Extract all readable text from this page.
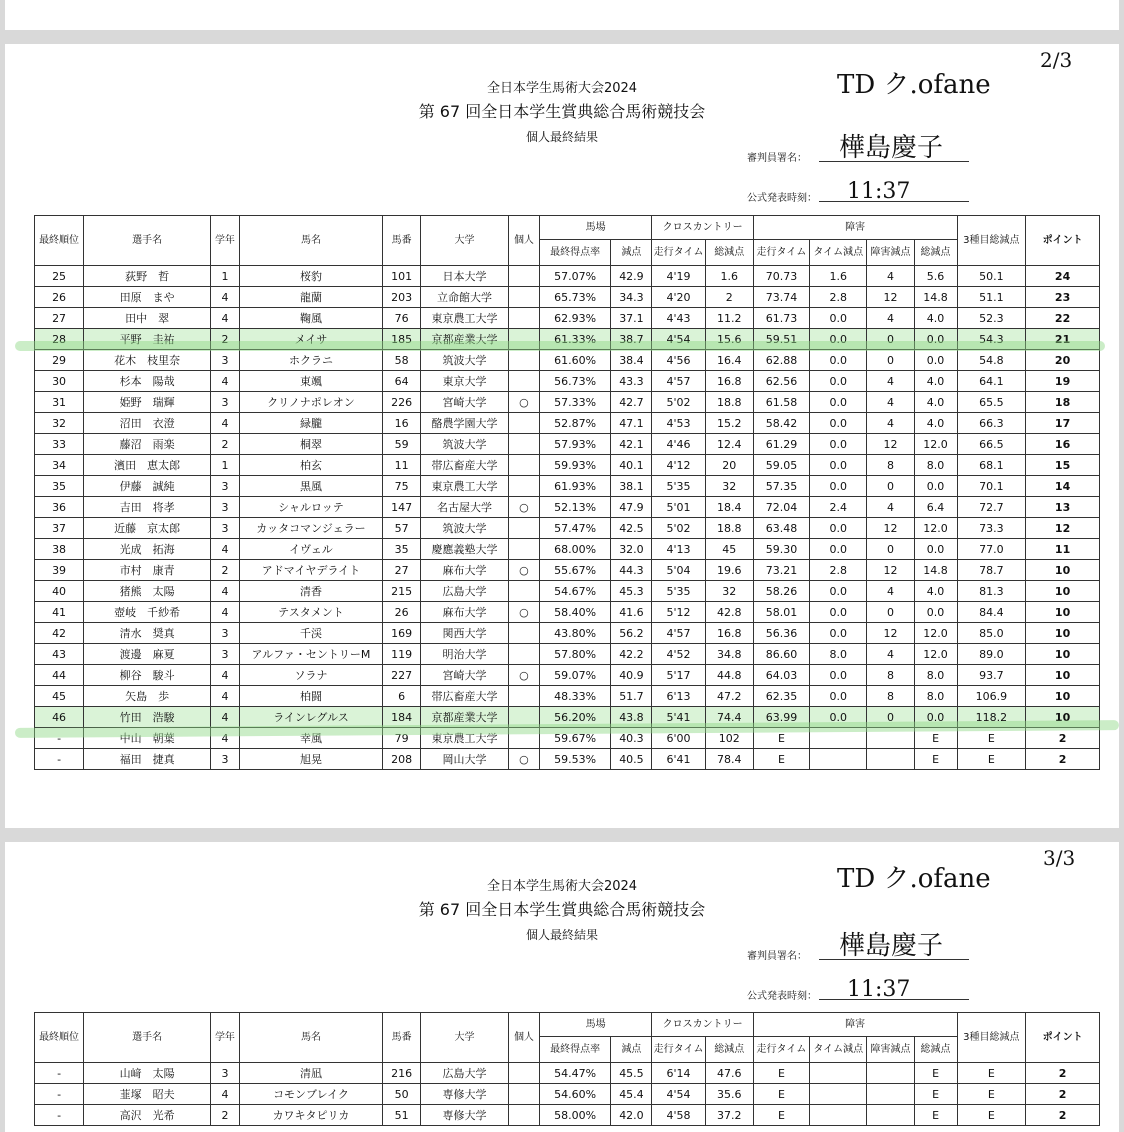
全日本学生馬術大会2024
第 67 回全日本学生賞典総合馬術競技会
個人最終結果
TD ク.ofane
2/3
審判員署名： 樺島慶子
公式発表時刻： 11:37
最終順位	選手名	学年	馬名	馬番	大学	個人	馬場		クロスカントリー		障害				3種目総減点	ポイント
							最終得点率	減点	走行タイム	総減点	走行タイム	タイム減点	障害減点	総減点		
25	荻野　哲	1	桜豹	101	日本大学		57.07%	42.9	4'19	1.6	70.73	1.6	4	5.6	50.1	24
26	田原　まや	4	龍蘭	203	立命館大学		65.73%	34.3	4'20	2	73.74	2.8	12	14.8	51.1	23
27	田中　翠	4	鞠風	76	東京農工大学		62.93%	37.1	4'43	11.2	61.73	0.0	4	4.0	52.3	22
28	平野　圭祐	2	メイサ	185	京都産業大学		61.33%	38.7	4'54	15.6	59.51	0.0	0	0.0	54.3	21
29	花木　枝里奈	3	ホクラニ	58	筑波大学		61.60%	38.4	4'56	16.4	62.88	0.0	0	0.0	54.8	20
30	杉本　陽哉	4	東颯	64	東京大学		56.73%	43.3	4'57	16.8	62.56	0.0	4	4.0	64.1	19
31	姫野　瑞輝	3	クリノナポレオン	226	宮崎大学	○	57.33%	42.7	5'02	18.8	61.58	0.0	4	4.0	65.5	18
32	沼田　衣澄	4	緑朧	16	酪農学園大学		52.87%	47.1	4'53	15.2	58.42	0.0	4	4.0	66.3	17
33	藤沼　雨楽	2	桐翠	59	筑波大学		57.93%	42.1	4'46	12.4	61.29	0.0	12	12.0	66.5	16
34	濱田　恵太郎	1	柏玄	11	帯広畜産大学		59.93%	40.1	4'12	20	59.05	0.0	8	8.0	68.1	15
35	伊藤　誠純	3	黒風	75	東京農工大学		61.93%	38.1	5'35	32	57.35	0.0	0	0.0	70.1	14
36	吉田　将孝	3	シャルロッテ	147	名古屋大学	○	52.13%	47.9	5'01	18.4	72.04	2.4	4	6.4	72.7	13
37	近藤　京太郎	3	カッタコマンジェラー	57	筑波大学		57.47%	42.5	5'02	18.8	63.48	0.0	12	12.0	73.3	12
38	光成　拓海	4	イヴェル	35	慶應義塾大学		68.00%	32.0	4'13	45	59.30	0.0	0	0.0	77.0	11
39	市村　康青	2	アドマイヤデライト	27	麻布大学	○	55.67%	44.3	5'04	19.6	73.21	2.8	12	14.8	78.7	10
40	猪熊　太陽	4	清香	215	広島大学		54.67%	45.3	5'35	32	58.26	0.0	4	4.0	81.3	10
41	壺岐　千紗希	4	テスタメント	26	麻布大学	○	58.40%	41.6	5'12	42.8	58.01	0.0	0	0.0	84.4	10
42	清水　奨真	3	千渓	169	関西大学		43.80%	56.2	4'57	16.8	56.36	0.0	12	12.0	85.0	10
43	渡邊　麻夏	3	アルファ・セントリーM	119	明治大学		57.80%	42.2	4'52	34.8	86.60	8.0	4	12.0	89.0	10
44	柳谷　駿斗	4	ソラナ	227	宮崎大学	○	59.07%	40.9	5'17	44.8	64.03	0.0	8	8.0	93.7	10
45	矢島　歩	4	柏闘	6	帯広畜産大学		48.33%	51.7	6'13	47.2	62.35	0.0	8	8.0	106.9	10
46	竹田　浩駿	4	ラインレグルス	184	京都産業大学		56.20%	43.8	5'41	74.4	63.99	0.0	0	0.0	118.2	10
-	中山　朝葉	4	幸風	79	東京農工大学		59.67%	40.3	6'00	102	E			E	E	2
-	福田　捷真	3	旭晃	208	岡山大学	○	59.53%	40.5	6'41	78.4	E			E	E	2
全日本学生馬術大会2024
第 67 回全日本学生賞典総合馬術競技会
個人最終結果
TD ク.ofane
3/3
審判員署名： 樺島慶子
公式発表時刻： 11:37
最終順位	選手名	学年	馬名	馬番	大学	個人	馬場		クロスカントリー		障害				3種目総減点	ポイント
							最終得点率	減点	走行タイム	総減点	走行タイム	タイム減点	障害減点	総減点		
-	山﨑　太陽	3	清凪	216	広島大学		54.47%	45.5	6'14	47.6	E			E	E	2
-	韮塚　昭夫	4	コモンブレイク	50	専修大学		54.60%	45.4	4'54	35.6	E			E	E	2
-	高沢　光希	2	カワキタピリカ	51	専修大学		58.00%	42.0	4'58	37.2	E			E	E	2
